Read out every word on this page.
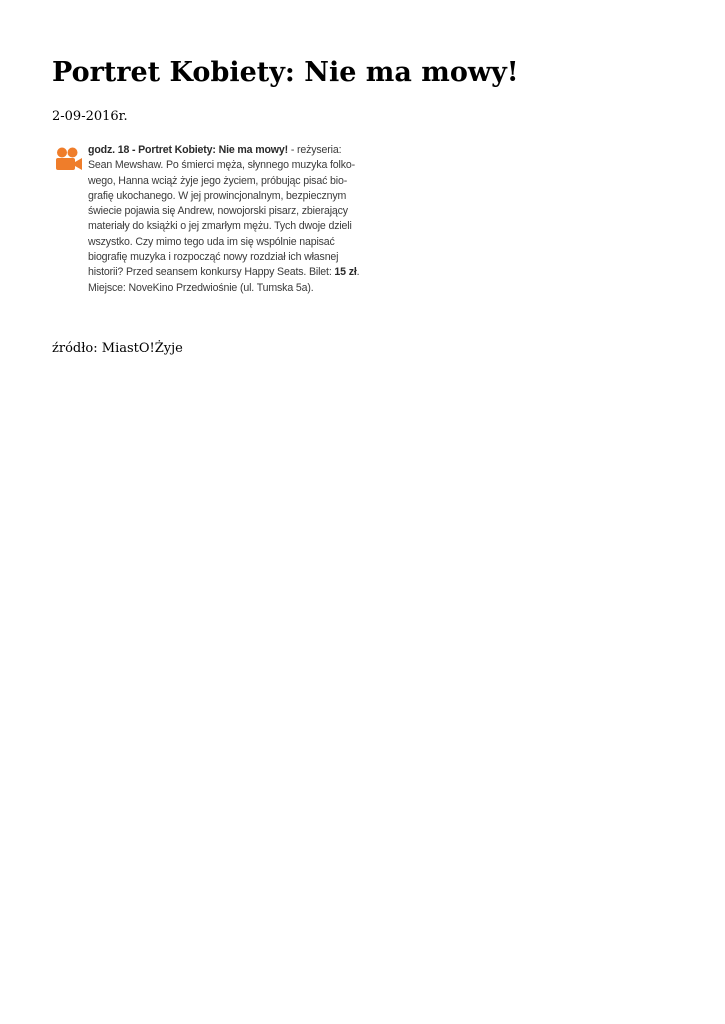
Portret Kobiety: Nie ma mowy!
2-09-2016r.
godz. 18 - Portret Kobiety: Nie ma mowy! - reżyseria:
Sean Mewshaw. Po śmierci męża, słynnego muzyka folko-
wego, Hanna wciąż żyje jego życiem, próbując pisać bio-
grafię ukochanego. W jej prowincjonalnym, bezpiecznym
świecie pojawia się Andrew, nowojorski pisarz, zbierający
materiały do książki o jej zmarłym mężu. Tych dwoje dzieli
wszystko. Czy mimo tego uda im się wspólnie napisać
biografię muzyka i rozpocząć nowy rozdział ich własnej
historii? Przed seansem konkursy Happy Seats. Bilet: 15 zł.
Miejsce: NoveKino Przedwiośnie (ul. Tumska 5a).
źródło: MiastO!Żyje
